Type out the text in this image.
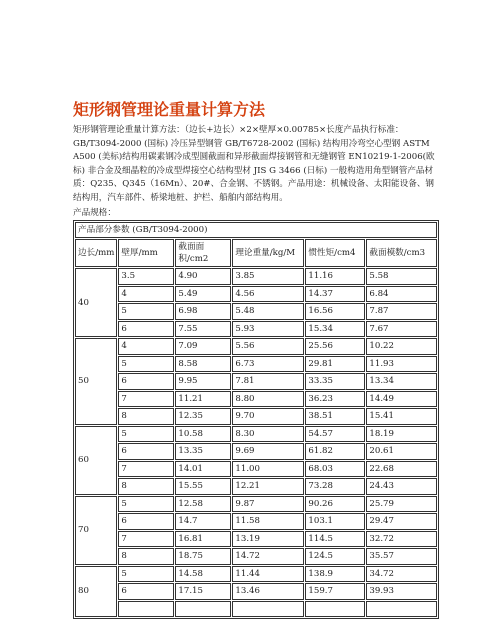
矩形钢管理论重量计算方法

矩形钢管理论重量计算方法：（边长+边长）×2×壁厚×0.00785×长度产品执行标准：GB/T3094-2000 (国标) 冷压异型钢管 GB/T6728-2002 (国标) 结构用冷弯空心型钢 ASTM A500 (美标)结构用碳素钢冷成型圆截面和异形截面焊接钢管和无缝钢管 EN10219-1-2006(欧标) 非合金及细晶粒的冷成型焊接空心结构型材 JIS G 3466 (日标) 一般构造用角型钢管产品材质：Q235、Q345（16Mn）、20#、合金钢、不锈钢。产品用途：机械设备、太阳能设备、钢结构用，汽车部件、桥梁地桩、护栏、船舶内部结构用。

产品规格：

产品部分参数 (GB/T3094-2000)
边长/mm	壁厚/mm	截面面积/cm2	理论重量/kg/M	惯性矩/cm4	截面模数/cm3
40	3.5	4.90	3.85	11.16	5.58
	4	5.49	4.56	14.37	6.84
	5	6.98	5.48	16.56	7.87
	6	7.55	5.93	15.34	7.67
50	4	7.09	5.56	25.56	10.22
	5	8.58	6.73	29.81	11.93
	6	9.95	7.81	33.35	13.34
	7	11.21	8.80	36.23	14.49
	8	12.35	9.70	38.51	15.41
60	5	10.58	8.30	54.57	18.19
	6	13.35	9.69	61.82	20.61
	7	14.01	11.00	68.03	22.68
	8	15.55	12.21	73.28	24.43
70	5	12.58	9.87	90.26	25.79
	6	14.7	11.58	103.1	29.47
	7	16.81	13.19	114.5	32.72
	8	18.75	14.72	124.5	35.57
80	5	14.58	11.44	138.9	34.72
	6	17.15	13.46	159.7	39.93
